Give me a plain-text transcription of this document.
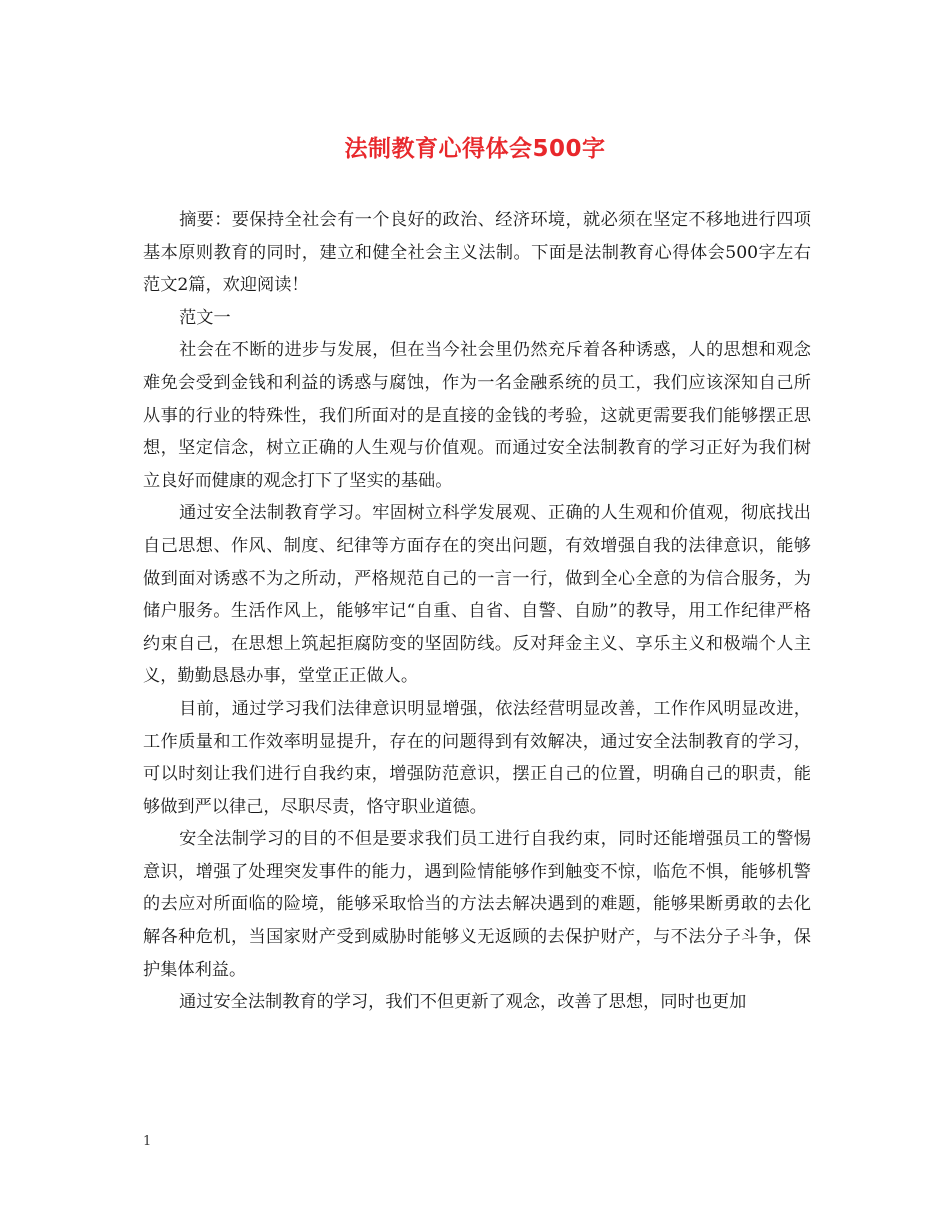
法制教育心得体会500字

摘要：要保持全社会有一个良好的政治、经济环境，就必须在坚定不移地进行四项基本原则教育的同时，建立和健全社会主义法制。下面是法制教育心得体会500字左右范文2篇，欢迎阅读！

范文一

社会在不断的进步与发展，但在当今社会里仍然充斥着各种诱惑，人的思想和观念难免会受到金钱和利益的诱惑与腐蚀，作为一名金融系统的员工，我们应该深知自己所从事的行业的特殊性，我们所面对的是直接的金钱的考验，这就更需要我们能够摆正思想，坚定信念，树立正确的人生观与价值观。而通过安全法制教育的学习正好为我们树立良好而健康的观念打下了坚实的基础。

通过安全法制教育学习。牢固树立科学发展观、正确的人生观和价值观，彻底找出自己思想、作风、制度、纪律等方面存在的突出问题，有效增强自我的法律意识，能够做到面对诱惑不为之所动，严格规范自己的一言一行，做到全心全意的为信合服务，为储户服务。生活作风上，能够牢记“自重、自省、自警、自励”的教导，用工作纪律严格约束自己，在思想上筑起拒腐防变的坚固防线。反对拜金主义、享乐主义和极端个人主义，勤勤恳恳办事，堂堂正正做人。

目前，通过学习我们法律意识明显增强，依法经营明显改善，工作作风明显改进，工作质量和工作效率明显提升，存在的问题得到有效解决，通过安全法制教育的学习，可以时刻让我们进行自我约束，增强防范意识，摆正自己的位置，明确自己的职责，能够做到严以律己，尽职尽责，恪守职业道德。

安全法制学习的目的不但是要求我们员工进行自我约束，同时还能增强员工的警惕意识，增强了处理突发事件的能力，遇到险情能够作到触变不惊，临危不惧，能够机警的去应对所面临的险境，能够采取恰当的方法去解决遇到的难题，能够果断勇敢的去化解各种危机，当国家财产受到威胁时能够义无返顾的去保护财产，与不法分子斗争，保护集体利益。

通过安全法制教育的学习，我们不但更新了观念，改善了思想，同时也更加

1
